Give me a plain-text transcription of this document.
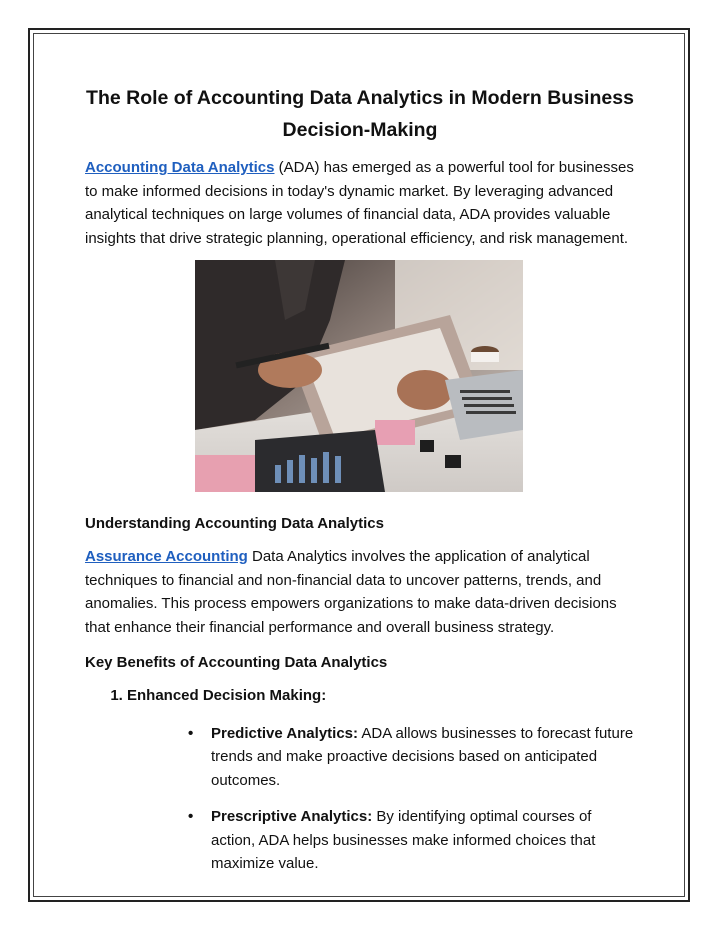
The Role of Accounting Data Analytics in Modern Business Decision-Making

Accounting Data Analytics (ADA) has emerged as a powerful tool for businesses to make informed decisions in today's dynamic market. By leveraging advanced analytical techniques on large volumes of financial data, ADA provides valuable insights that drive strategic planning, operational efficiency, and risk management.

Understanding Accounting Data Analytics

Assurance Accounting Data Analytics involves the application of analytical techniques to financial and non-financial data to uncover patterns, trends, and anomalies. This process empowers organizations to make data-driven decisions that enhance their financial performance and overall business strategy.

Key Benefits of Accounting Data Analytics
1. Enhanced Decision Making:
• Predictive Analytics: ADA allows businesses to forecast future trends and make proactive decisions based on anticipated outcomes.
• Prescriptive Analytics: By identifying optimal courses of action, ADA helps businesses make informed choices that maximize value.
